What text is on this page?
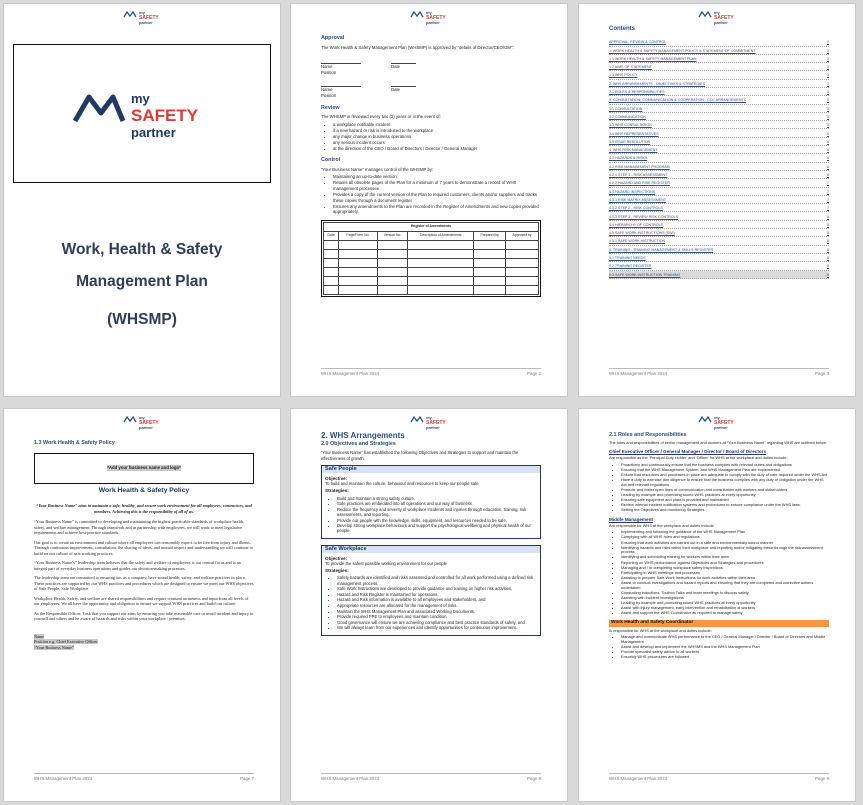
my
SAFETY
partner
my
SAFETY
partner
Work, Health & Safety
Management Plan
(WHSMP)
my
SAFETY
partner
Approval
The Work Health & Safety Management Plan (WHSMP) is approved by “details of Director/CEO/GM”:
Name
Position
Date
Name
Position
Date
Review
The WHSMP is reviewed every two (2) years or in the event of:
• a workplace notifiable incident
• if a new hazard or risk is introduced to the workplace
• any major change in business operations
• any serious incident occurs
• at the direction of the CEO / Board of Directors / Director / General Manager
Control
“Your Business Name” manages control of the WHSMP by:
• Maintaining an up-to-date version;
• Retains all obsolete pages of the Plan for a minimum of 7 years to demonstrate a record of WHS management processes
• Provides a copy of the current version of the Plan to required customers, clients and/or suppliers and tracks these copies through a document register
• Ensures any amendments to the Plan are recorded in the Register of Amendments and new copies provided appropriately.
Register of Amendments					
Date	Page/Form No.	Version No.	Description of Amendments	Prepared by	Approved by

WHS Management Plan 2024	Page 2
my
SAFETY
partner
Contents
APPROVAL, REVIEW & CONTROL	2
1. WORK HEALTH & SAFETY MANAGEMENT POLICY & STATEMENT OF COMMITMENT	3
1.1 WORK HEALTH & SAFETY MANAGEMENT PLAN	3
1.2 AIMS OF STATEMENT	3
1.3 WHS POLICY	3
2. WHS ARRANGEMENTS - OBJECTIVES & STRATEGIES	3
2.1 ROLES & RESPONSIBILITIES	4
3. CONSULTATION, COMMUNICATION & COOPERATION - CCC ARRANGEMENTS	5
3.1 CONSULTATION	5
3.2 COMMUNICATION	5
3.3 WHS CONSULTATION	5
3.4 WHS REPRESENTATIVES	5
3.5 ISSUE RESOLUTION	6
4. WHS RISK MANAGEMENT	6
4.1 HAZARDS & RISKS	6
4.2 RISK MANAGEMENT PROGRAM	6
4.2.1 STEP 1 - RISK ASSESSMENT	6
4.2.2 HAZARD AND RISK REGISTER	7
4.3 HAZARD INSPECTIONS	7
4.3.1 RISK MATRIX ASSESSMENT	7
4.3.2 STEP 2 - RISK CONTROLS	7
4.3.3 STEP 3 - REVIEW RISK CONTROLS	8
4.4 HIERARCHY OF CONTROLS	8
4.5 SAFE WORK INSTRUCTIONS (SWI)	8
4.5.1 SAFE WORK INSTRUCTION	8
5. TRAINING - TRAINING MANAGEMENT & SKILLS REGISTER	8
5.1 TRAINING NEEDS	8
5.2 TRAINING REGISTER	8
5.3 SAFE WORK INSTRUCTION TRAINING	8
WHS Management Plan 2024	Page 3
my
SAFETY
partner
1.3 Work Health & Safety Policy
*Add your business name and logo*
Work Health & Safety Policy
“Your Business Name” aims to maintain a safe, healthy, and secure work environment for all employees, contractors, and members. Achieving this is the responsibility of all of us.

“Your Business Name” is committed to developing and maintaining the highest practicable standards of workplace health, safety, and welfare management. Through teamwork and in partnership with employees, we will work to meet legislative requirements and achieve best-practice standards.

Our goal is to create an environment and culture where all employees can reasonably expect to be free from injury and illness. Through continuous improvement, consultation, the sharing of ideas, and mutual respect and understanding we will continue to build on our culture of safe working practices.

“Your Business Name’s” leadership team believes that the safety and welfare of employees is our central focus and is an integral part of everyday business operations and guides our decision-making processes.

The leadership team are committed to ensuring we, as a company, have sound health, safety, and welfare practices in place. These practices are supported by our WHS practices and procedures which are designed to ensure we meet our WHS objectives of Safe People, Safe Workplace.

Workplace Health, Safety, and welfare are shared responsibilities and require constant awareness and input from all levels of our employees. We all have the opportunity and obligation to ensure we support WHS practices and build our culture.

As the Responsible Officer, I ask that you support our aims by ensuring you take reasonable care to avoid incident and injury to yourself and others and be aware of hazards and risks within your workplace / premises.

Name
Position e.g. Chief Executive Officer
“Your Business Name”
WHS Management Plan 2024	Page 7
my
SAFETY
partner
2. WHS Arrangements
2.0 Objectives and Strategies
“Your Business Name” has established the following Objectives and Strategies to support and maintain the effectiveness of growth.
Safe People
Objective:
To build and maintain the culture, behaviour and resources to keep our people safe
Strategies:
• Build and maintain a strong safety culture,
• Safe practices are embedded into all operations and our way of business
• Reduce the frequency and severity of workplace incidents and injuries through education, training, risk assessments, and reporting,
• Provide our people with the knowledge, skills, equipment, and resources needed to be safe,
• Develop strong workplace behaviours and support the psychological wellbeing and physical health of our people.
Safe Workplace
Objective:
To provide the safest possible working environment for our people
Strategies:
• Safety hazards are identified and risks assessed and controlled for all work performed using a defined risk management process,
• Safe Work Instructions are developed to provide guidance and training on higher risk activities,
• Hazard and Risk Register is maintained for operations,
• Hazard and Risk information is available to all employees and stakeholders, and
• Appropriate resources are allocated for the management of risks.
• Maintain the WHS Management Plan and associated Working Documents,
• Provide required PPE to employees and maintain condition,
• Good governance will ensure we are achieving compliance and best practice standards of safety, and
• We will always learn from our experiences and identify opportunities for continuous improvement.
WHS Management Plan 2024	Page 8
my
SAFETY
partner
2.1 Roles and Responsibilities
The roles and responsibilities of senior management and workers at “Your Business Name” regarding WHS are outlined below.
Chief Executive Officer / General Manager / Director / Board of Directors
Are responsible as the ‘Principal Duty Holder’ and ‘Officer’ for WHS at the workplace and duties include:
• Proactively and continuously ensure that the business complies with relevant duties and obligations
• Ensuring that the WHS Management System, and WHS Management Plan are implemented
• Ensure that resources and processes in place are adequate to comply with the duty of care required under the WHS Act
• Have a duty to exercise due diligence to ensure that the business complies with any duty or obligation under the WHS Act and relevant regulations
• Promote and foster open lines of communication and consultation with workers and stakeholders
• Leading by example and promoting sound WHS practices at every opportunity
• Ensuring safe equipment and plant is provided and maintained
• Review internal incident notification systems and procedures to ensure compliance under the WHS laws.
• Setting the Objectives and monitoring Strategies.
Middle Management
Are responsible for WHS at the workplace and duties include:
• Implementing and following the guidance of the WHS Management Plan
• Complying with all WHS rules and regulations
• Ensuring that work activities are carried out in a safe and environmentally sound manner
• Identifying hazards and risks within their workplace and reporting and/or mitigating these through the risk assessment process
• Identifying and scheduling training for workers within their area
• Reporting on WHS performance against Objectives and Strategies and procedures
• Managing and / or completing workplace safety inspections
• Participating in WHS meetings and processes
• Assisting to prepare Safe Work Instructions for work activities within their area
• Assist or conduct investigations and hazard reports and ensuring that they are completed and corrective actions undertaken
• Conducting inductions, Toolbox Talks and team meetings to discuss safety
• Assisting with incident investigations
• Leading by example and promoting sound WHS practices at every opportunity
• Assist with injury management, early intervention and rehabilitation of workers
• Assist and support the WHS Coordinator as required to manage safety
Work Health and Safety Coordinator
Is responsible for WHS at the workplace and duties include:
• Manage and communicate WHS performance to the CEO / General Manager / Director / Board of Directors and Middle Management
• Assist and develop and implement the WHSMS and the WHS Management Plan
• Provide specialist safety advice to all workers
• Ensuring WHS procedures are followed
WHS Management Plan 2024	Page 9
